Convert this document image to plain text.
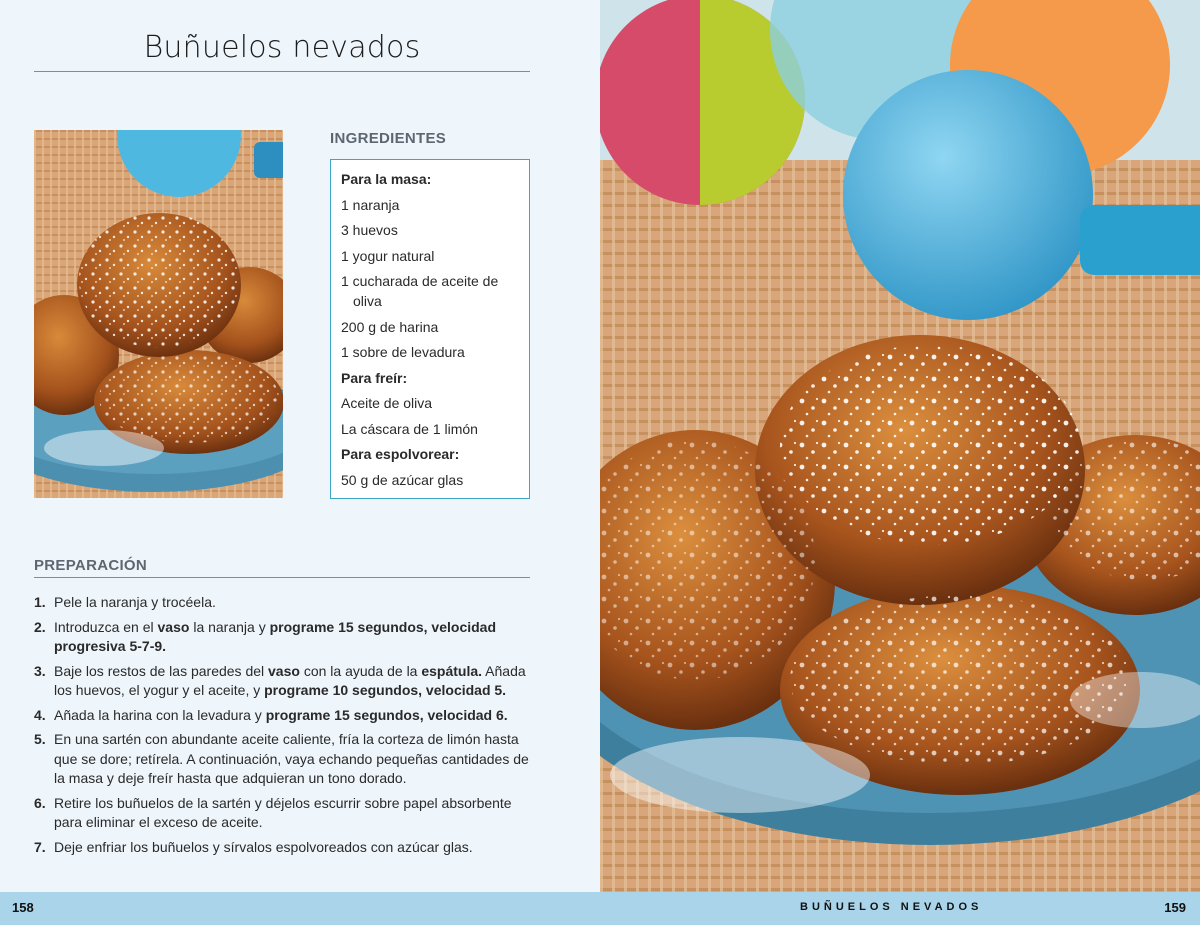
Buñuelos nevados
INGREDIENTES
Para la masa:
1 naranja
3 huevos
1 yogur natural
1 cucharada de aceite de oliva
200 g de harina
1 sobre de levadura
Para freír:
Aceite de oliva
La cáscara de 1 limón
Para espolvorear:
50 g de azúcar glas
PREPARACIÓN
1. Pele la naranja y trocéela.
2. Introduzca en el vaso la naranja y programe 15 segundos, velocidad progresiva 5-7-9.
3. Baje los restos de las paredes del vaso con la ayuda de la espátula. Añada los huevos, el yogur y el aceite, y programe 10 segundos, velocidad 5.
4. Añada la harina con la levadura y programe 15 segundos, velocidad 6.
5. En una sartén con abundante aceite caliente, fría la corteza de limón hasta que se dore; retírela. A continuación, vaya echando pequeñas cantidades de la masa y deje freír hasta que adquieran un tono dorado.
6. Retire los buñuelos de la sartén y déjelos escurrir sobre papel absorbente para eliminar el exceso de aceite.
7. Deje enfriar los buñuelos y sírvalos espolvoreados con azúcar glas.
158	BUÑUELOS NEVADOS	159
